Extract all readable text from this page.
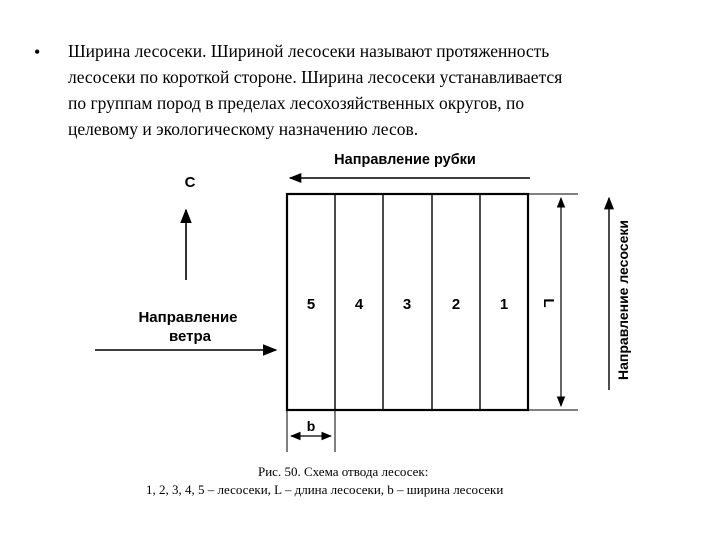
• Ширина лесосеки. Шириной лесосеки называют протяженность
лесосеки по короткой стороне. Ширина лесосеки устанавливается
по группам пород в пределах лесохозяйственных округов, по
целевому и экологическому назначению лесов.

С
Направление
ветра
Направление рубки
5	4	3	2	1 L	Направление лесосеки
b
Рис. 50. Схема отвода лесосек:
1, 2, 3, 4, 5 – лесосеки, L – длина лесосеки, b – ширина лесосеки
